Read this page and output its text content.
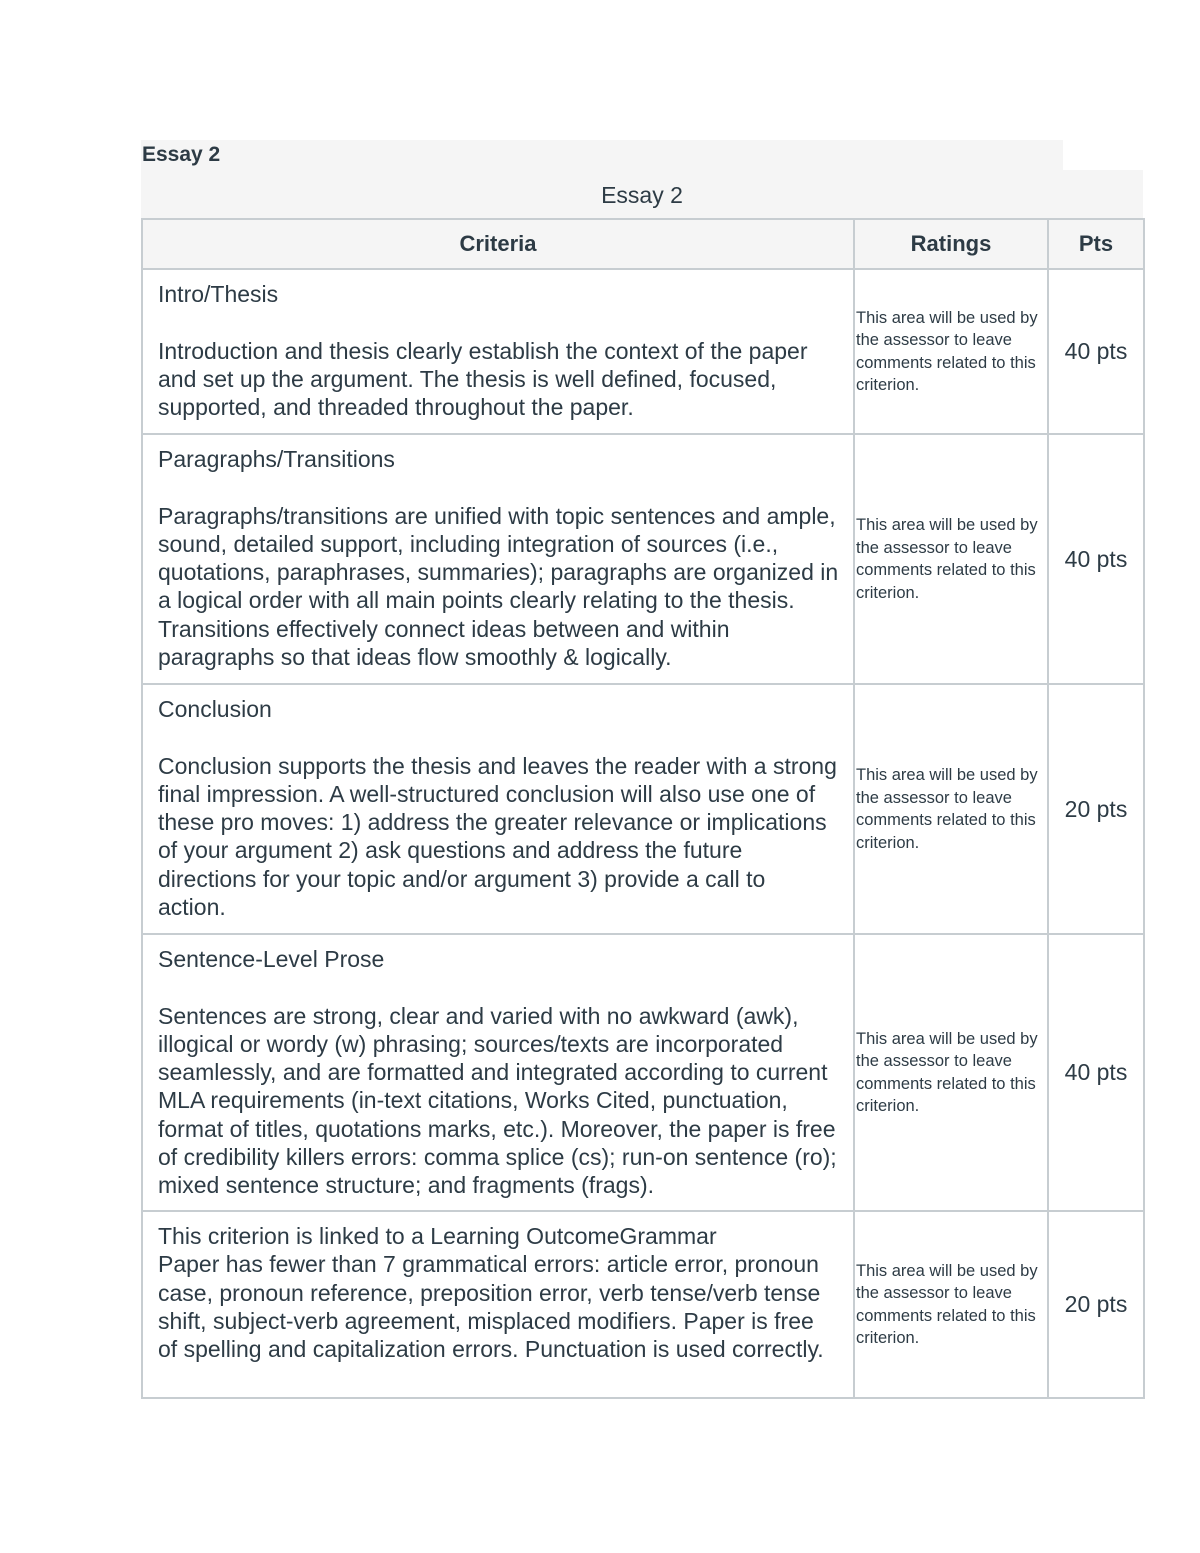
Essay 2
Essay 2
Criteria	Ratings	Pts

Intro/Thesis
Introduction and thesis clearly establish the context of the paper and set up the argument. The thesis is well defined, focused, supported, and threaded throughout the paper.	This area will be used by the assessor to leave comments related to this criterion.	40 pts

Paragraphs/Transitions
Paragraphs/transitions are unified with topic sentences and ample, sound, detailed support, including integration of sources (i.e., quotations, paraphrases, summaries); paragraphs are organized in a logical order with all main points clearly relating to the thesis. Transitions effectively connect ideas between and within paragraphs so that ideas flow smoothly & logically.	This area will be used by the assessor to leave comments related to this criterion.	40 pts

Conclusion
Conclusion supports the thesis and leaves the reader with a strong final impression. A well-structured conclusion will also use one of these pro moves: 1) address the greater relevance or implications of your argument 2) ask questions and address the future directions for your topic and/or argument 3) provide a call to action.	This area will be used by the assessor to leave comments related to this criterion.	20 pts

Sentence-Level Prose
Sentences are strong, clear and varied with no awkward (awk), illogical or wordy (w) phrasing; sources/texts are incorporated seamlessly, and are formatted and integrated according to current MLA requirements (in-text citations, Works Cited, punctuation, format of titles, quotations marks, etc.). Moreover, the paper is free of credibility killers errors: comma splice (cs); run-on sentence (ro); mixed sentence structure; and fragments (frags).	This area will be used by the assessor to leave comments related to this criterion.	40 pts

This criterion is linked to a Learning OutcomeGrammar
Paper has fewer than 7 grammatical errors: article error, pronoun case, pronoun reference, preposition error, verb tense/verb tense shift, subject-verb agreement, misplaced modifiers. Paper is free of spelling and capitalization errors. Punctuation is used correctly.	This area will be used by the assessor to leave comments related to this criterion.	20 pts
